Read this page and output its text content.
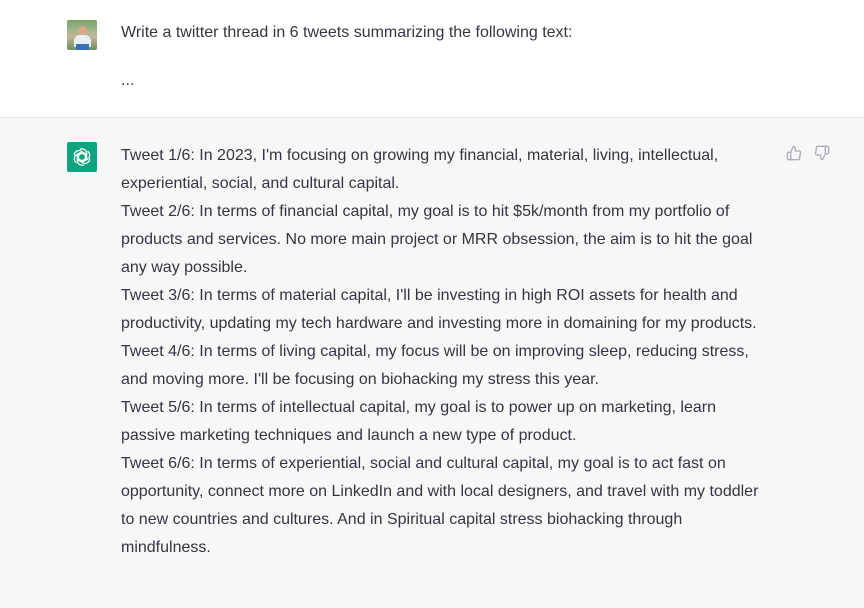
Write a twitter thread in 6 tweets summarizing the following text:

...

Tweet 1/6: In 2023, I'm focusing on growing my financial, material, living, intellectual, experiential, social, and cultural capital.

Tweet 2/6: In terms of financial capital, my goal is to hit $5k/month from my portfolio of products and services. No more main project or MRR obsession, the aim is to hit the goal any way possible.

Tweet 3/6: In terms of material capital, I'll be investing in high ROI assets for health and productivity, updating my tech hardware and investing more in domaining for my products.

Tweet 4/6: In terms of living capital, my focus will be on improving sleep, reducing stress, and moving more. I'll be focusing on biohacking my stress this year.

Tweet 5/6: In terms of intellectual capital, my goal is to power up on marketing, learn passive marketing techniques and launch a new type of product.

Tweet 6/6: In terms of experiential, social and cultural capital, my goal is to act fast on opportunity, connect more on LinkedIn and with local designers, and travel with my toddler to new countries and cultures. And in Spiritual capital stress biohacking through mindfulness.
